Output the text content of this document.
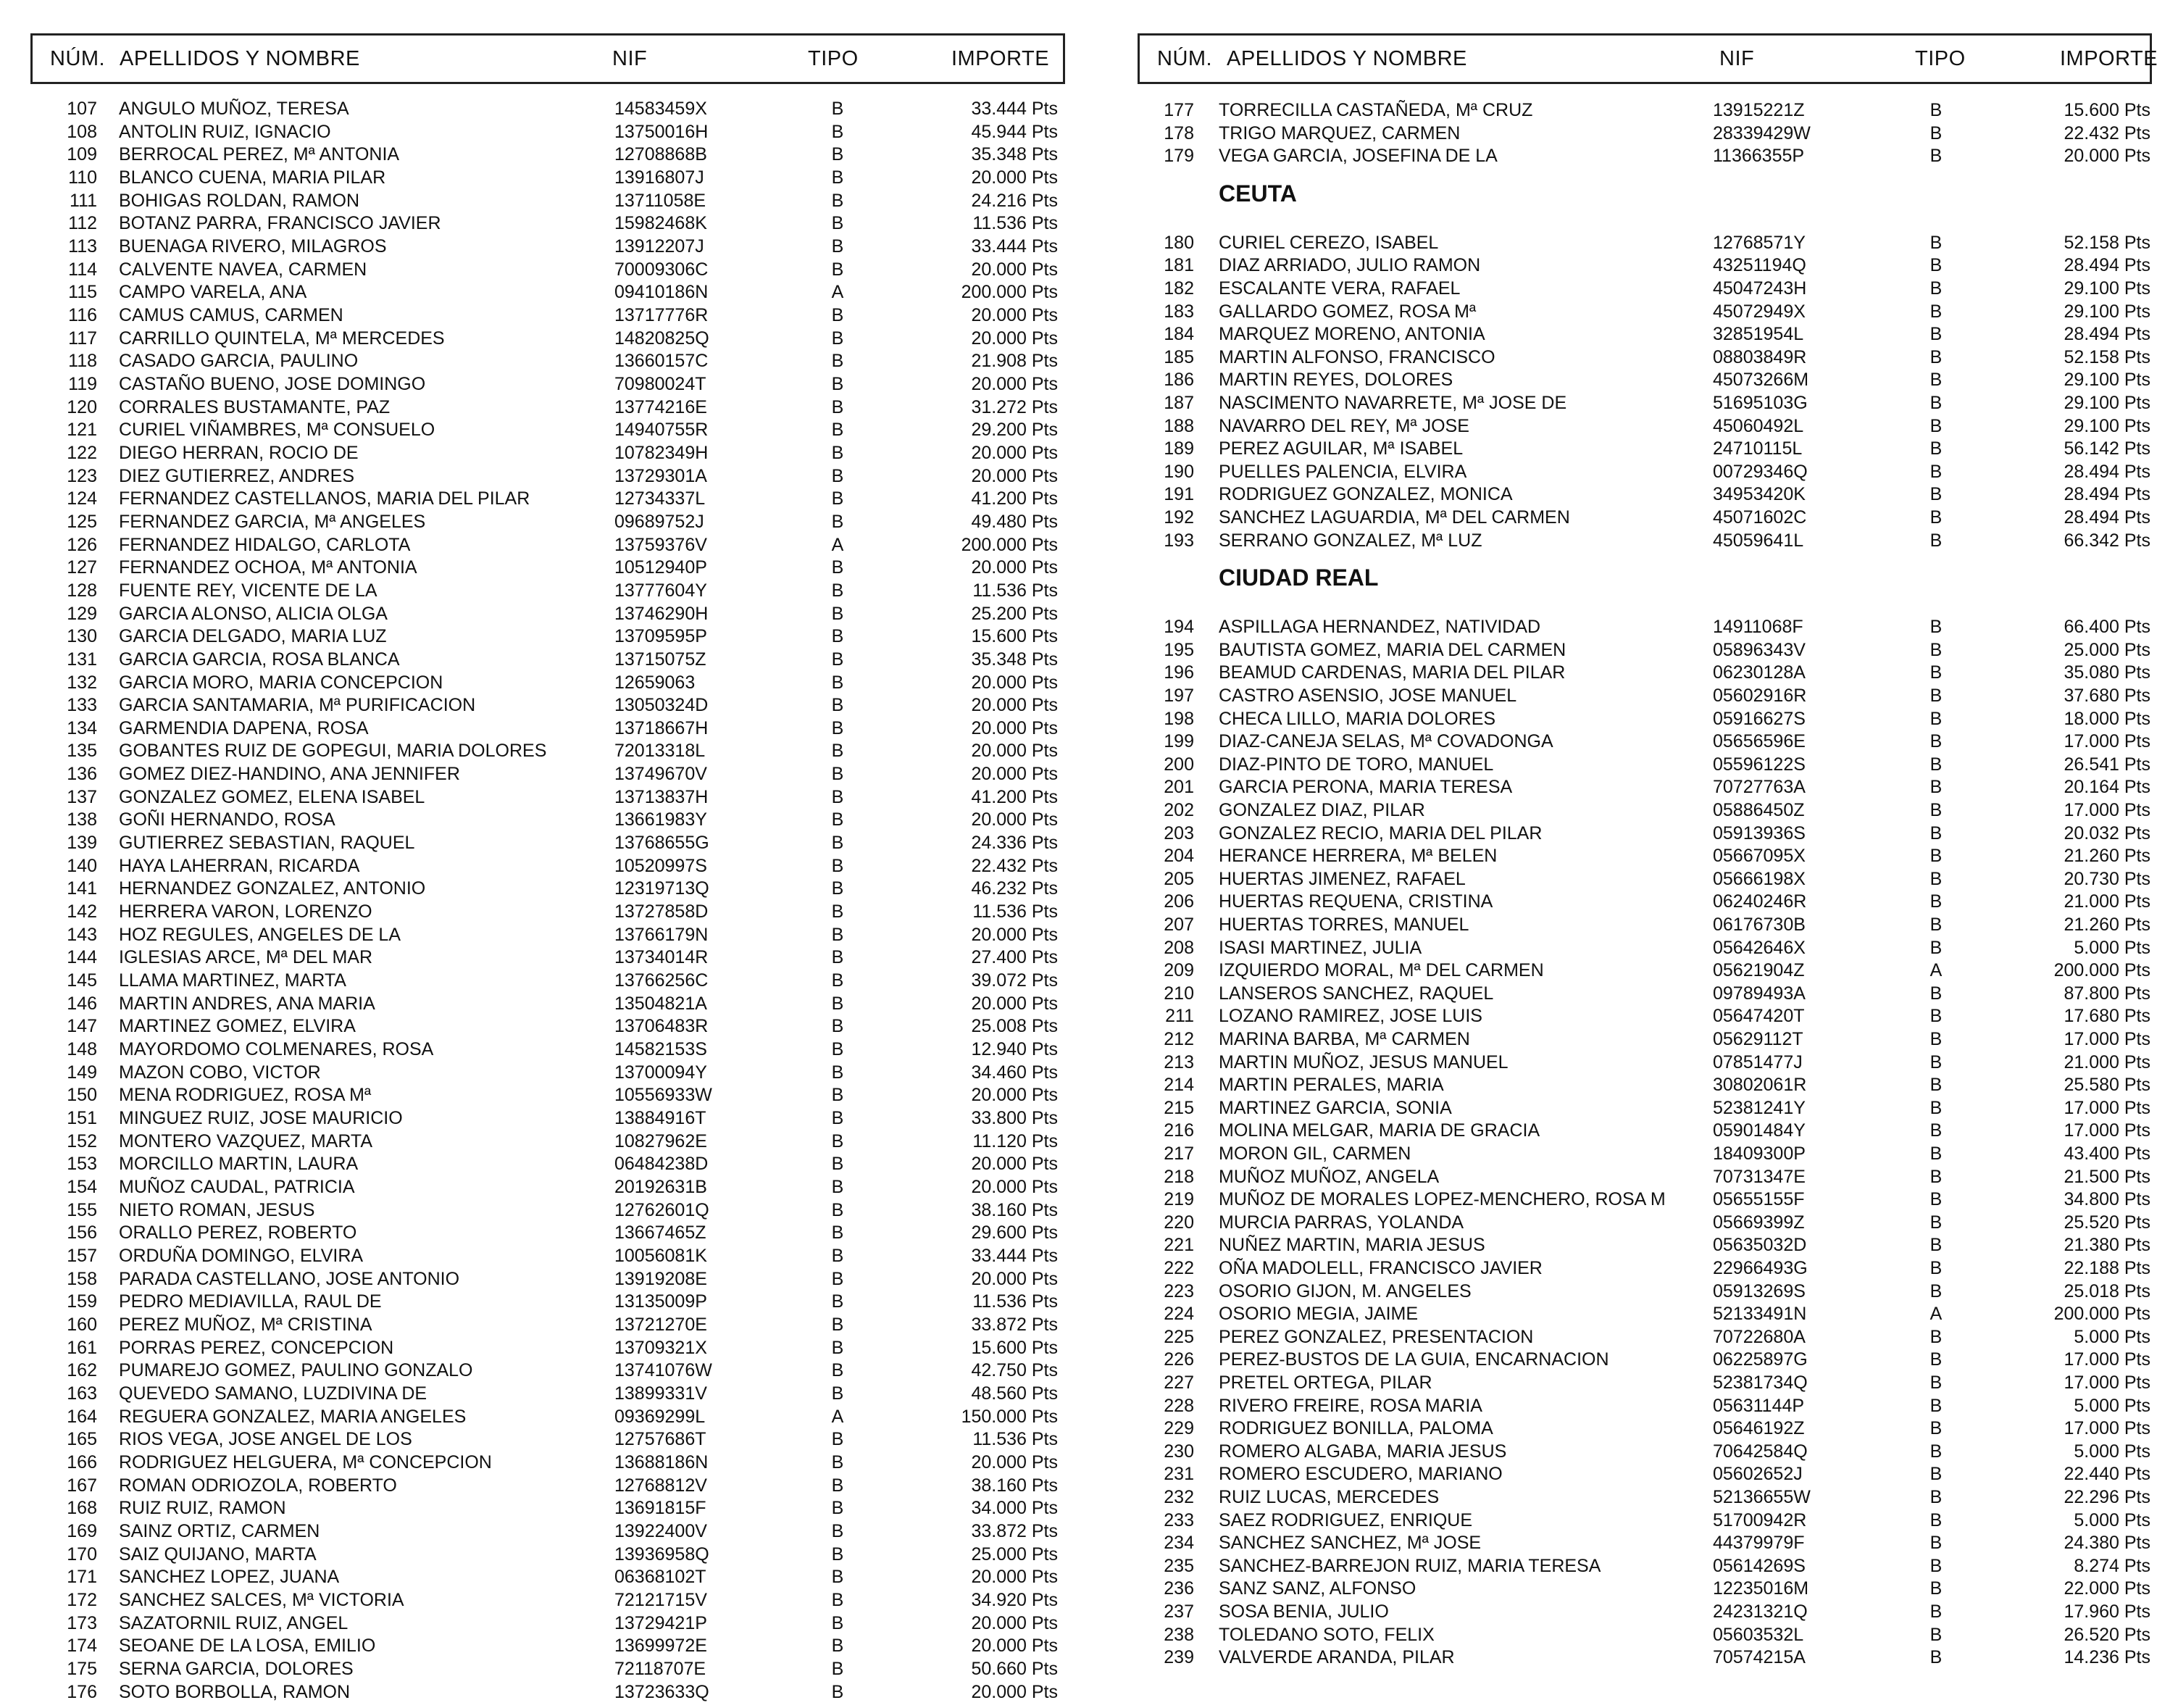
NÚM. APELLIDOS Y NOMBRE	NIF	TIPO	IMPORTE
107 ANGULO MUÑOZ, TERESA	14583459X	B	33.444 Pts
108 ANTOLIN RUIZ, IGNACIO	13750016H	B	45.944 Pts
109 BERROCAL PEREZ, Mª ANTONIA	12708868B	B	35.348 Pts
110 BLANCO CUENA, MARIA PILAR	13916807J	B	20.000 Pts
111 BOHIGAS ROLDAN, RAMON	13711058E	B	24.216 Pts
112 BOTANZ PARRA, FRANCISCO JAVIER	15982468K	B	11.536 Pts
113 BUENAGA RIVERO, MILAGROS	13912207J	B	33.444 Pts
114 CALVENTE NAVEA, CARMEN	70009306C	B	20.000 Pts
115 CAMPO VARELA, ANA	09410186N	A	200.000 Pts
116 CAMUS CAMUS, CARMEN	13717776R	B	20.000 Pts
117 CARRILLO QUINTELA, Mª MERCEDES	14820825Q	B	20.000 Pts
118 CASADO GARCIA, PAULINO	13660157C	B	21.908 Pts
119 CASTAÑO BUENO, JOSE DOMINGO	70980024T	B	20.000 Pts
120 CORRALES BUSTAMANTE, PAZ	13774216E	B	31.272 Pts
121 CURIEL VIÑAMBRES, Mª CONSUELO	14940755R	B	29.200 Pts
122 DIEGO HERRAN, ROCIO DE	10782349H	B	20.000 Pts
123 DIEZ GUTIERREZ, ANDRES	13729301A	B	20.000 Pts
124 FERNANDEZ CASTELLANOS, MARIA DEL PILAR	12734337L	B	41.200 Pts
125 FERNANDEZ GARCIA, Mª ANGELES	09689752J	B	49.480 Pts
126 FERNANDEZ HIDALGO, CARLOTA	13759376V	A	200.000 Pts
127 FERNANDEZ OCHOA, Mª ANTONIA	10512940P	B	20.000 Pts
128 FUENTE REY, VICENTE DE LA	13777604Y	B	11.536 Pts
129 GARCIA ALONSO, ALICIA OLGA	13746290H	B	25.200 Pts
130 GARCIA DELGADO, MARIA LUZ	13709595P	B	15.600 Pts
131 GARCIA GARCIA, ROSA BLANCA	13715075Z	B	35.348 Pts
132 GARCIA MORO, MARIA CONCEPCION	12659063	B	20.000 Pts
133 GARCIA SANTAMARIA, Mª PURIFICACION	13050324D	B	20.000 Pts
134 GARMENDIA DAPENA, ROSA	13718667H	B	20.000 Pts
135 GOBANTES RUIZ DE GOPEGUI, MARIA DOLORES	72013318L	B	20.000 Pts
136 GOMEZ DIEZ-HANDINO, ANA JENNIFER	13749670V	B	20.000 Pts
137 GONZALEZ GOMEZ, ELENA ISABEL	13713837H	B	41.200 Pts
138 GOÑI HERNANDO, ROSA	13661983Y	B	20.000 Pts
139 GUTIERREZ SEBASTIAN, RAQUEL	13768655G	B	24.336 Pts
140 HAYA LAHERRAN, RICARDA	10520997S	B	22.432 Pts
141 HERNANDEZ GONZALEZ, ANTONIO	12319713Q	B	46.232 Pts
142 HERRERA VARON, LORENZO	13727858D	B	11.536 Pts
143 HOZ REGULES, ANGELES DE LA	13766179N	B	20.000 Pts
144 IGLESIAS ARCE, Mª DEL MAR	13734014R	B	27.400 Pts
145 LLAMA MARTINEZ, MARTA	13766256C	B	39.072 Pts
146 MARTIN ANDRES, ANA MARIA	13504821A	B	20.000 Pts
147 MARTINEZ GOMEZ, ELVIRA	13706483R	B	25.008 Pts
148 MAYORDOMO COLMENARES, ROSA	14582153S	B	12.940 Pts
149 MAZON COBO, VICTOR	13700094Y	B	34.460 Pts
150 MENA RODRIGUEZ, ROSA Mª	10556933W	B	20.000 Pts
151 MINGUEZ RUIZ, JOSE MAURICIO	13884916T	B	33.800 Pts
152 MONTERO VAZQUEZ, MARTA	10827962E	B	11.120 Pts
153 MORCILLO MARTIN, LAURA	06484238D	B	20.000 Pts
154 MUÑOZ CAUDAL, PATRICIA	20192631B	B	20.000 Pts
155 NIETO ROMAN, JESUS	12762601Q	B	38.160 Pts
156 ORALLO PEREZ, ROBERTO	13667465Z	B	29.600 Pts
157 ORDUÑA DOMINGO, ELVIRA	10056081K	B	33.444 Pts
158 PARADA CASTELLANO, JOSE ANTONIO	13919208E	B	20.000 Pts
159 PEDRO MEDIAVILLA, RAUL DE	13135009P	B	11.536 Pts
160 PEREZ MUÑOZ, Mª CRISTINA	13721270E	B	33.872 Pts
161 PORRAS PEREZ, CONCEPCION	13709321X	B	15.600 Pts
162 PUMAREJO GOMEZ, PAULINO GONZALO	13741076W	B	42.750 Pts
163 QUEVEDO SAMANO, LUZDIVINA DE	13899331V	B	48.560 Pts
164 REGUERA GONZALEZ, MARIA ANGELES	09369299L	A	150.000 Pts
165 RIOS VEGA, JOSE ANGEL DE LOS	12757686T	B	11.536 Pts
166 RODRIGUEZ HELGUERA, Mª CONCEPCION	13688186N	B	20.000 Pts
167 ROMAN ODRIOZOLA, ROBERTO	12768812V	B	38.160 Pts
168 RUIZ RUIZ, RAMON	13691815F	B	34.000 Pts
169 SAINZ ORTIZ, CARMEN	13922400V	B	33.872 Pts
170 SAIZ QUIJANO, MARTA	13936958Q	B	25.000 Pts
171 SANCHEZ LOPEZ, JUANA	06368102T	B	20.000 Pts
172 SANCHEZ SALCES, Mª VICTORIA	72121715V	B	34.920 Pts
173 SAZATORNIL RUIZ, ANGEL	13729421P	B	20.000 Pts
174 SEOANE DE LA LOSA, EMILIO	13699972E	B	20.000 Pts
175 SERNA GARCIA, DOLORES	72118707E	B	50.660 Pts
176 SOTO BORBOLLA, RAMON	13723633Q	B	20.000 Pts
NÚM. APELLIDOS Y NOMBRE	NIF	TIPO	IMPORTE
177 TORRECILLA CASTAÑEDA, Mª CRUZ	13915221Z	B	15.600 Pts
178 TRIGO MARQUEZ, CARMEN	28339429W	B	22.432 Pts
179 VEGA GARCIA, JOSEFINA DE LA	11366355P	B	20.000 Pts
CEUTA
180 CURIEL CEREZO, ISABEL	12768571Y	B	52.158 Pts
181 DIAZ ARRIADO, JULIO RAMON	43251194Q	B	28.494 Pts
182 ESCALANTE VERA, RAFAEL	45047243H	B	29.100 Pts
183 GALLARDO GOMEZ, ROSA Mª	45072949X	B	29.100 Pts
184 MARQUEZ MORENO, ANTONIA	32851954L	B	28.494 Pts
185 MARTIN ALFONSO, FRANCISCO	08803849R	B	52.158 Pts
186 MARTIN REYES, DOLORES	45073266M	B	29.100 Pts
187 NASCIMENTO NAVARRETE, Mª JOSE DE	51695103G	B	29.100 Pts
188 NAVARRO DEL REY, Mª JOSE	45060492L	B	29.100 Pts
189 PEREZ AGUILAR, Mª ISABEL	24710115L	B	56.142 Pts
190 PUELLES PALENCIA, ELVIRA	00729346Q	B	28.494 Pts
191 RODRIGUEZ GONZALEZ, MONICA	34953420K	B	28.494 Pts
192 SANCHEZ LAGUARDIA, Mª DEL CARMEN	45071602C	B	28.494 Pts
193 SERRANO GONZALEZ, Mª LUZ	45059641L	B	66.342 Pts
CIUDAD REAL
194 ASPILLAGA HERNANDEZ, NATIVIDAD	14911068F	B	66.400 Pts
195 BAUTISTA GOMEZ, MARIA DEL CARMEN	05896343V	B	25.000 Pts
196 BEAMUD CARDENAS, MARIA DEL PILAR	06230128A	B	35.080 Pts
197 CASTRO ASENSIO, JOSE MANUEL	05602916R	B	37.680 Pts
198 CHECA LILLO, MARIA DOLORES	05916627S	B	18.000 Pts
199 DIAZ-CANEJA SELAS, Mª COVADONGA	05656596E	B	17.000 Pts
200 DIAZ-PINTO DE TORO, MANUEL	05596122S	B	26.541 Pts
201 GARCIA PERONA, MARIA TERESA	70727763A	B	20.164 Pts
202 GONZALEZ DIAZ, PILAR	05886450Z	B	17.000 Pts
203 GONZALEZ RECIO, MARIA DEL PILAR	05913936S	B	20.032 Pts
204 HERANCE HERRERA, Mª BELEN	05667095X	B	21.260 Pts
205 HUERTAS JIMENEZ, RAFAEL	05666198X	B	20.730 Pts
206 HUERTAS REQUENA, CRISTINA	06240246R	B	21.000 Pts
207 HUERTAS TORRES, MANUEL	06176730B	B	21.260 Pts
208 ISASI MARTINEZ, JULIA	05642646X	B	5.000 Pts
209 IZQUIERDO MORAL, Mª DEL CARMEN	05621904Z	A	200.000 Pts
210 LANSEROS SANCHEZ, RAQUEL	09789493A	B	87.800 Pts
211 LOZANO RAMIREZ, JOSE LUIS	05647420T	B	17.680 Pts
212 MARINA BARBA, Mª CARMEN	05629112T	B	17.000 Pts
213 MARTIN MUÑOZ, JESUS MANUEL	07851477J	B	21.000 Pts
214 MARTIN PERALES, MARIA	30802061R	B	25.580 Pts
215 MARTINEZ GARCIA, SONIA	52381241Y	B	17.000 Pts
216 MOLINA MELGAR, MARIA DE GRACIA	05901484Y	B	17.000 Pts
217 MORON GIL, CARMEN	18409300P	B	43.400 Pts
218 MUÑOZ MUÑOZ, ANGELA	70731347E	B	21.500 Pts
219 MUÑOZ DE MORALES LOPEZ-MENCHERO, ROSA M	05655155F	B	34.800 Pts
220 MURCIA PARRAS, YOLANDA	05669399Z	B	25.520 Pts
221 NUÑEZ MARTIN, MARIA JESUS	05635032D	B	21.380 Pts
222 OÑA MADOLELL, FRANCISCO JAVIER	22966493G	B	22.188 Pts
223 OSORIO GIJON, M. ANGELES	05913269S	B	25.018 Pts
224 OSORIO MEGIA, JAIME	52133491N	A	200.000 Pts
225 PEREZ GONZALEZ, PRESENTACION	70722680A	B	5.000 Pts
226 PEREZ-BUSTOS DE LA GUIA, ENCARNACION	06225897G	B	17.000 Pts
227 PRETEL ORTEGA, PILAR	52381734Q	B	17.000 Pts
228 RIVERO FREIRE, ROSA MARIA	05631144P	B	5.000 Pts
229 RODRIGUEZ BONILLA, PALOMA	05646192Z	B	17.000 Pts
230 ROMERO ALGABA, MARIA JESUS	70642584Q	B	5.000 Pts
231 ROMERO ESCUDERO, MARIANO	05602652J	B	22.440 Pts
232 RUIZ LUCAS, MERCEDES	52136655W	B	22.296 Pts
233 SAEZ RODRIGUEZ, ENRIQUE	51700942R	B	5.000 Pts
234 SANCHEZ SANCHEZ, Mª JOSE	44379979F	B	24.380 Pts
235 SANCHEZ-BARREJON RUIZ, MARIA TERESA	05614269S	B	8.274 Pts
236 SANZ SANZ, ALFONSO	12235016M	B	22.000 Pts
237 SOSA BENIA, JULIO	24231321Q	B	17.960 Pts
238 TOLEDANO SOTO, FELIX	05603532L	B	26.520 Pts
239 VALVERDE ARANDA, PILAR	70574215A	B	14.236 Pts
